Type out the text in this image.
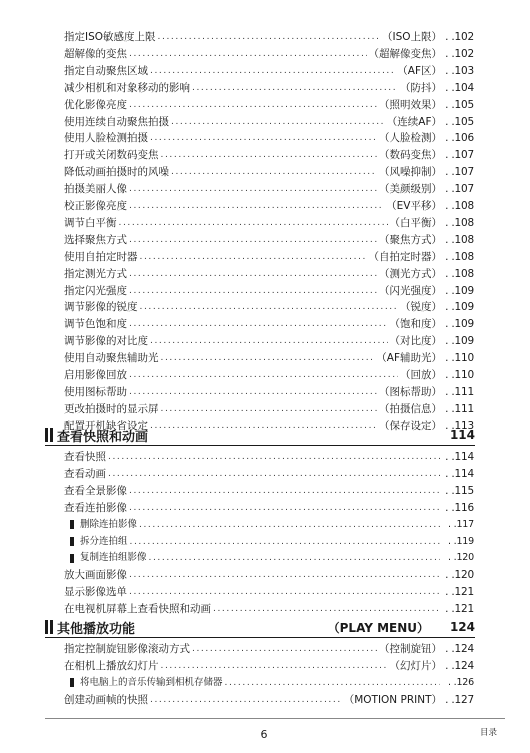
指定ISO敏感度上限 .....	（ISO上限） . .102
超解像的变焦 .....	（超解像变焦） . .102
指定自动聚焦区域 .....	（AF区） . .103
减少相机和对象移动的影响 .....	（防抖） . .104
优化影像亮度 .....	（照明效果） . .105
使用连续自动聚焦拍摄 .....	（连续AF） . .105
使用人脸检测拍摄 .....	（人脸检测） . .106
打开或关闭数码变焦 .....	（数码变焦） . .107
降低动画拍摄时的风噪 .....	（风噪抑制） . .107
拍摄美丽人像 .....	（美颜级别） . .107
校正影像亮度 .....	（EV平移） . .108
调节白平衡 .....	（白平衡） . .108
选择聚焦方式 .....	（聚焦方式） . .108
使用自拍定时器 .....	（自拍定时器） . .108
指定测光方式 .....	（测光方式） . .108
指定闪光强度 .....	（闪光强度） . .109
调节影像的锐度 .....	（锐度） . .109
调节色饱和度 .....	（饱和度） . .109
调节影像的对比度 .....	（对比度） . .109
使用自动聚焦辅助光 .....	（AF辅助光） . .110
启用影像回放 .....	（回放） . .110
使用图标帮助 .....	（图标帮助） . .111
更改拍摄时的显示屏 .....	（拍摄信息） . .111
配置开机缺省设定 .....	（保存设定） . .113
查看快照和动画	114
查看快照 .....	. .114
查看动画 .....	. .114
查看全景影像 .....	. .115
查看连拍影像 .....	. .116
删除连拍影像 .....	. .117
拆分连拍组 .....	. .119
复制连拍组影像 .....	. .120
放大画面影像 .....	. .120
显示影像选单 .....	. .121
在电视机屏幕上查看快照和动画 .....	. .121
其他播放功能	（PLAY MENU）	124
指定控制旋钮影像滚动方式 .....	（控制旋钮） . .124
在相机上播放幻灯片 .....	（幻灯片） . .124
将电脑上的音乐传输到相机存储器 .....	. .126
创建动画帧的快照 .....	（MOTION PRINT） . .127
6	目录
